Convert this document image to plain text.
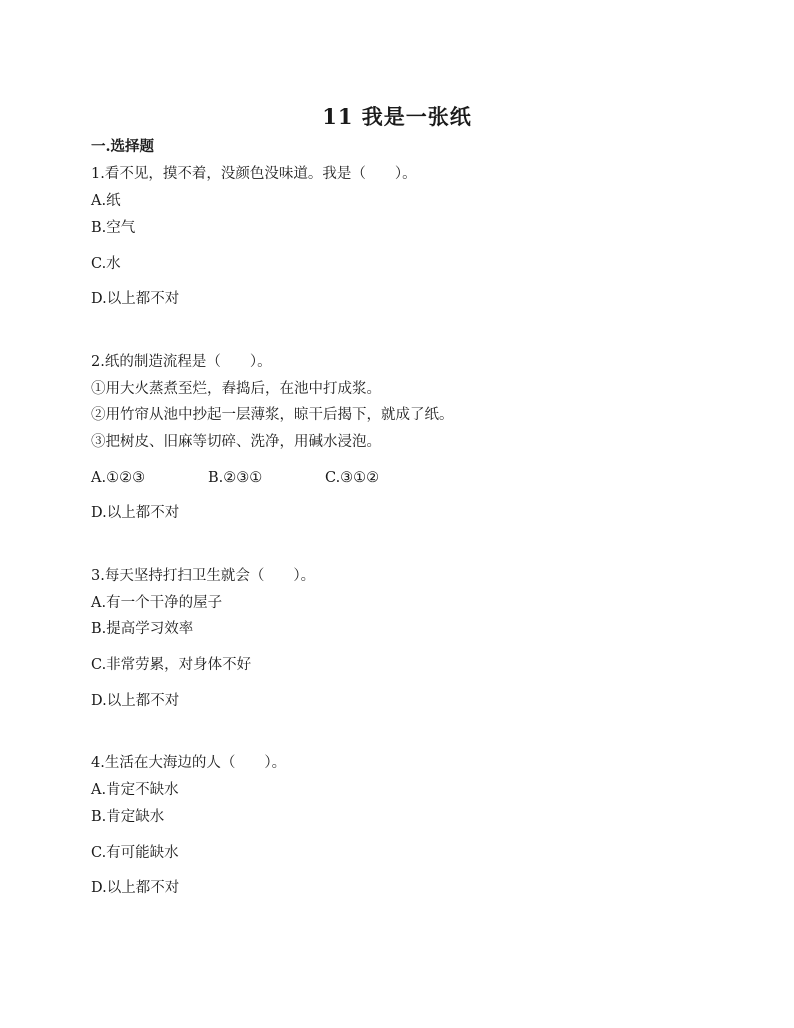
11 我是一张纸
一.选择题
1.看不见，摸不着，没颜色没味道。我是（　　）。
A.纸
B.空气
C.水
D.以上都不对
2.纸的制造流程是（　　）。
①用大火蒸煮至烂，舂捣后，在池中打成浆。
②用竹帘从池中抄起一层薄浆，晾干后揭下，就成了纸。
③把树皮、旧麻等切碎、洗净，用碱水浸泡。
A.①②③	B.②③①	C.③①②
D.以上都不对
3.每天坚持打扫卫生就会（　　）。
A.有一个干净的屋子
B.提高学习效率
C.非常劳累，对身体不好
D.以上都不对
4.生活在大海边的人（　　）。
A.肯定不缺水
B.肯定缺水
C.有可能缺水
D.以上都不对
